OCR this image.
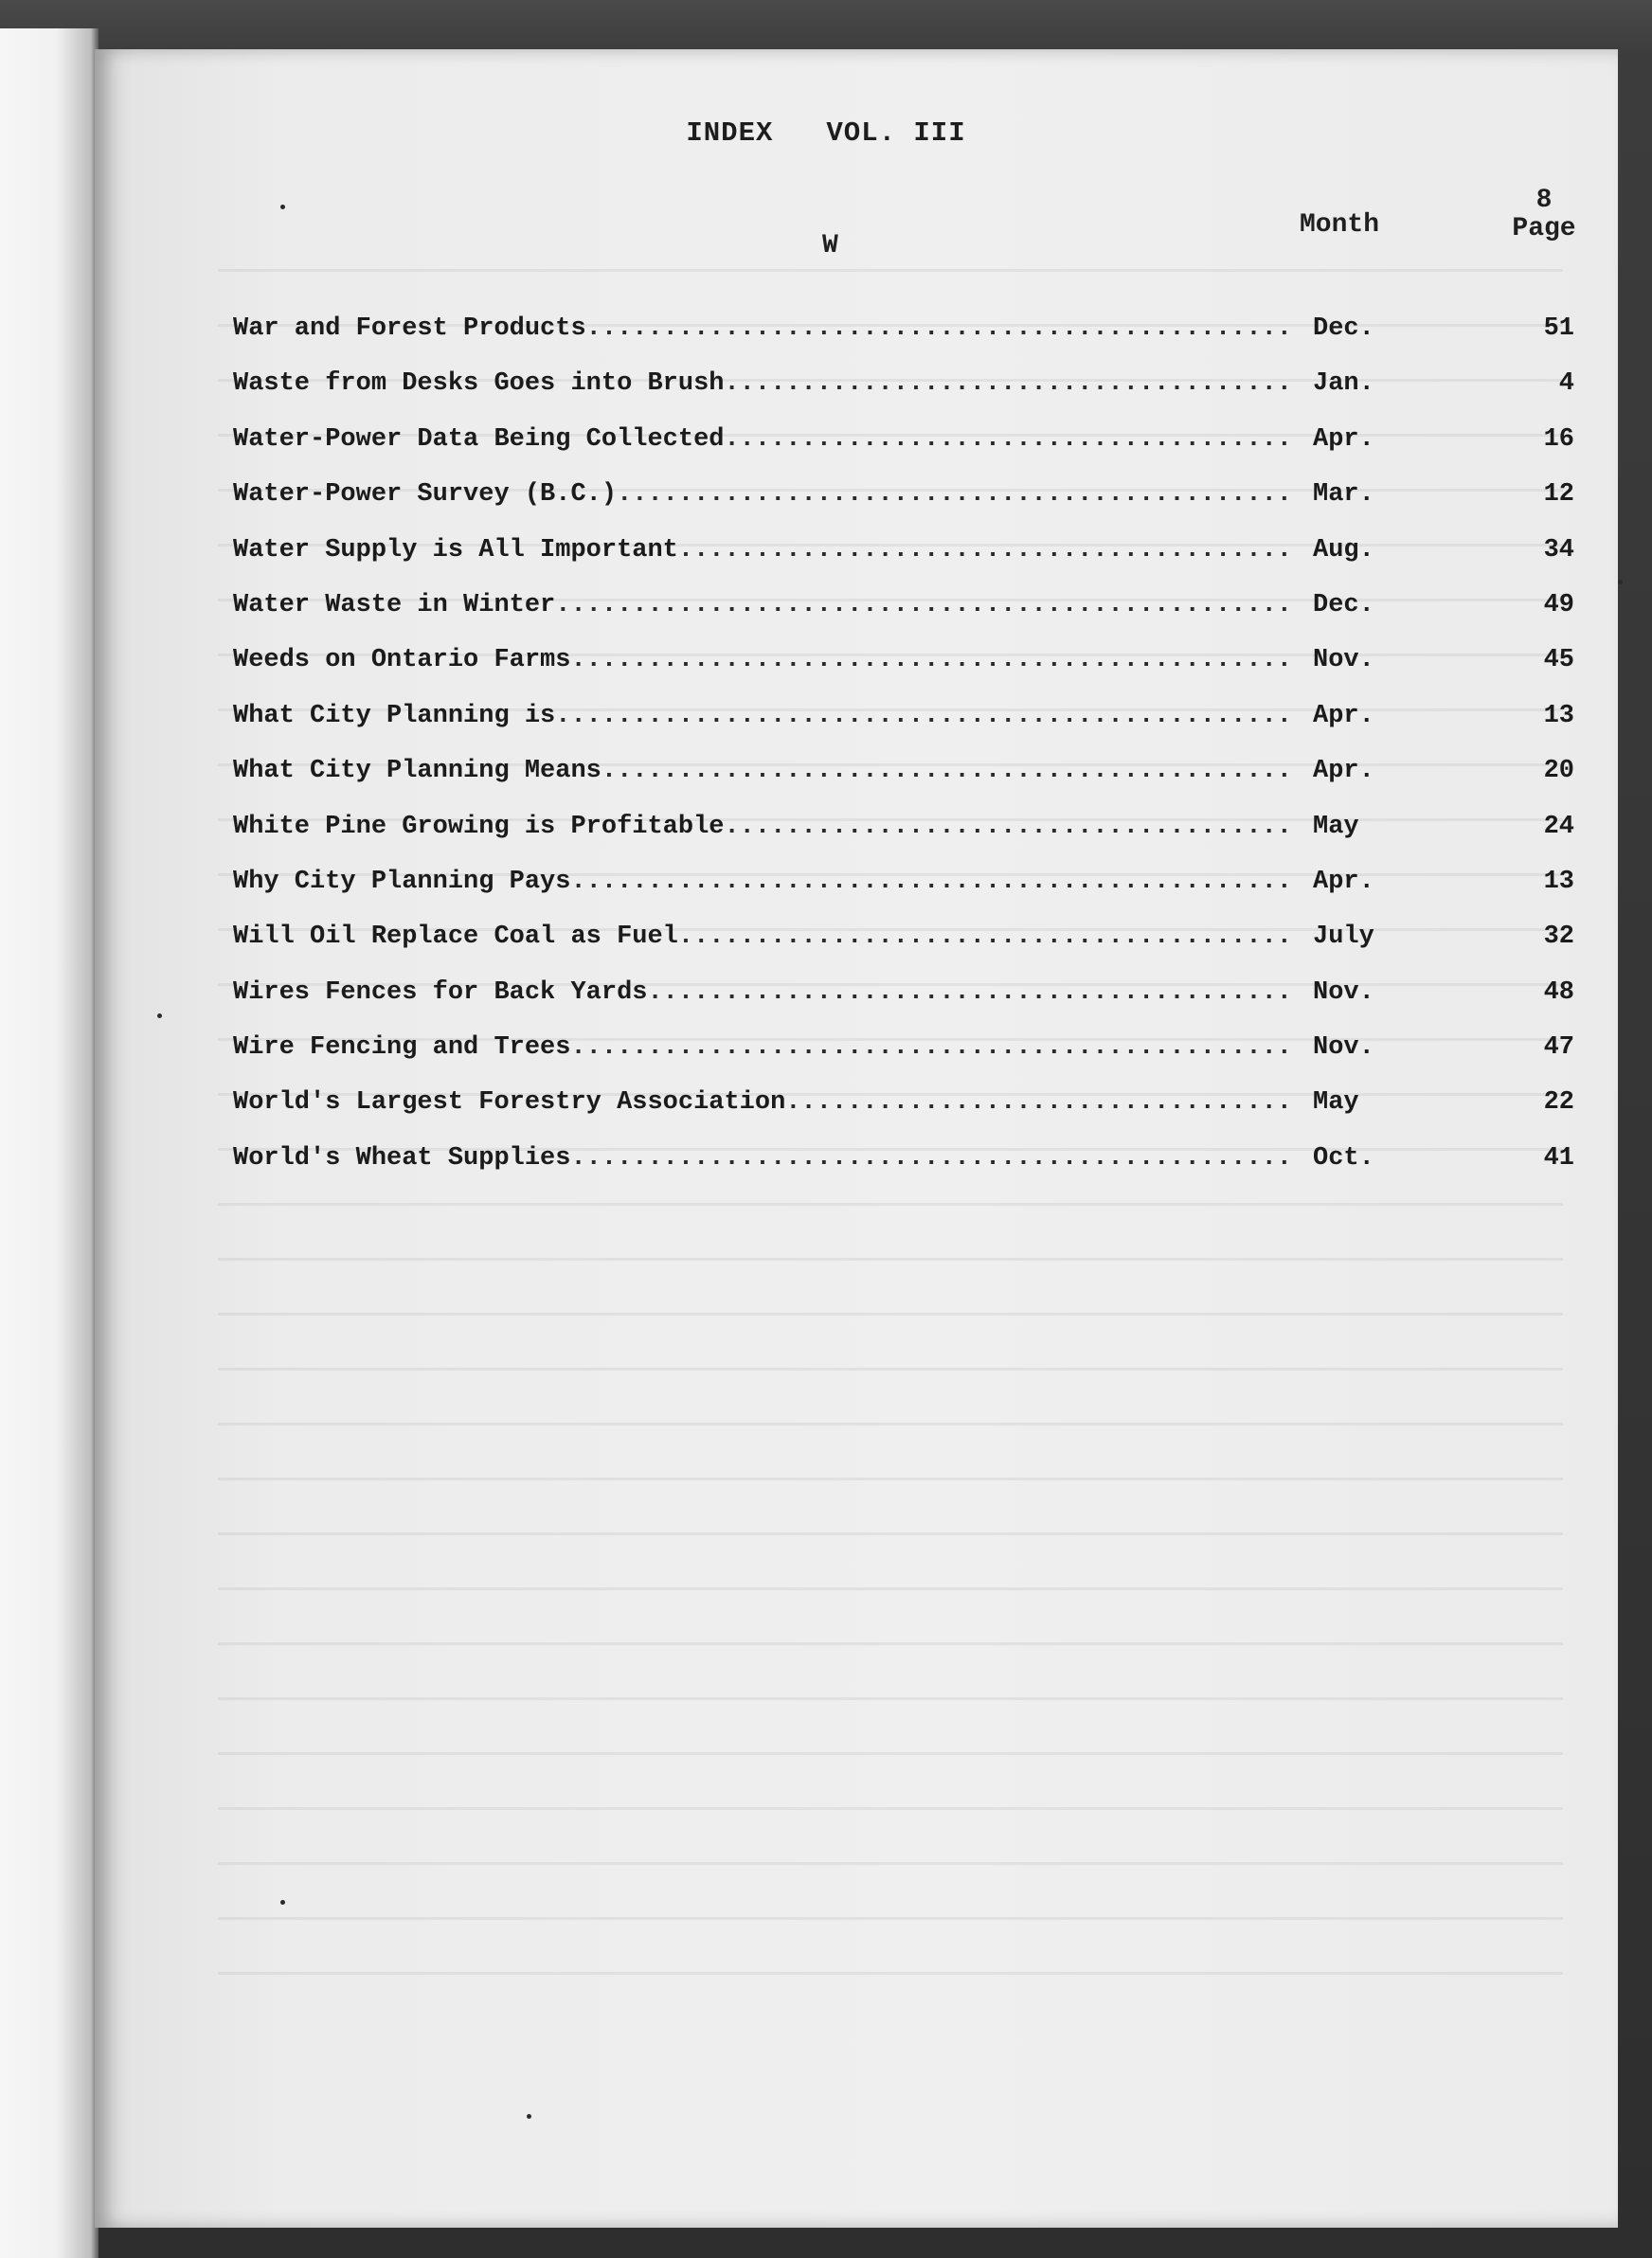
INDEX VOL. III
8
Month	Page
W
War and Forest Products.............................................. Dec.	51
Waste from Desks Goes into Brush..................................... Jan.	4
Water-Power Data Being Collected..................................... Apr.	16
Water-Power Survey (B.C.)............................................ Mar.	12
Water Supply is All Important........................................ Aug.	34
Water Waste in Winter................................................ Dec.	49
Weeds on Ontario Farms............................................... Nov.	45
What City Planning is................................................ Apr.	13
What City Planning Means............................................. Apr.	20
White Pine Growing is Profitable..................................... May	24
Why City Planning Pays............................................... Apr.	13
Will Oil Replace Coal as Fuel........................................ July	32
Wires Fences for Back Yards.......................................... Nov.	48
Wire Fencing and Trees............................................... Nov.	47
World's Largest Forestry Association................................. May	22
World's Wheat Supplies............................................... Oct.	41
